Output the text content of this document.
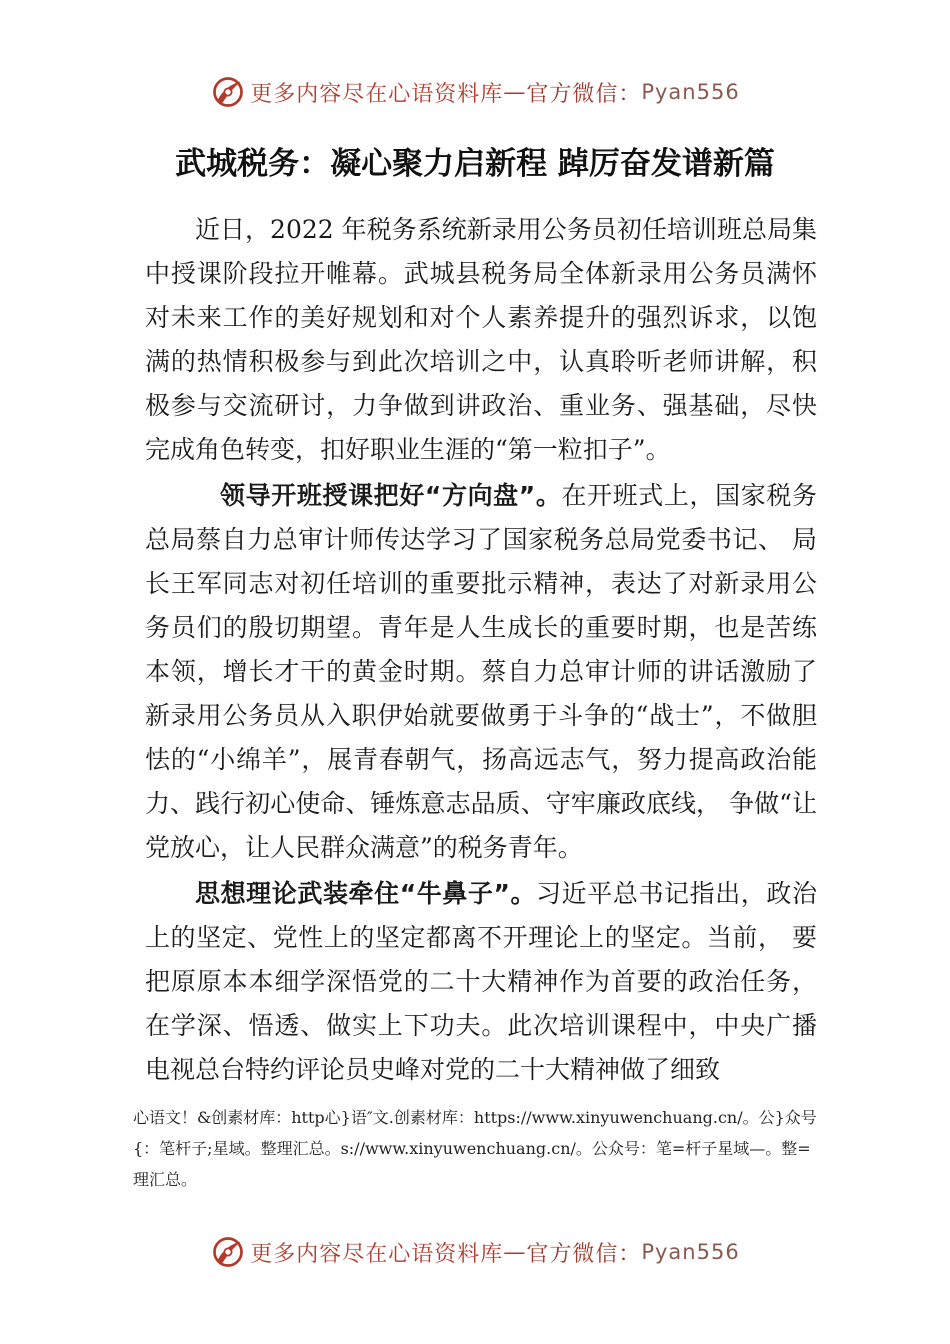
更多内容尽在心语资料库 — 官方微信： Pyan556
武城税务：凝心聚力启新程 踔厉奋发谱新篇

近日，2022 年税务系统新录用公务员初任培训班总局集中授课阶段拉开帷幕。武城县税务局全体新录用公务员满怀对未来工作的美好规划和对个人素养提升的强烈诉求，以饱满的热情积极参与到此次培训之中，认真聆听老师讲解，积极参与交流研讨，力争做到讲政治、重业务、强基础，尽快完成角色转变，扣好职业生涯的“第一粒扣子”。

领导开班授课把好“方向盘”。在开班式上，国家税务总局蔡自力总审计师传达学习了国家税务总局党委书记、 局长王军同志对初任培训的重要批示精神，表达了对新录用公务员们的殷切期望。青年是人生成长的重要时期，也是苦练本领，增长才干的黄金时期。蔡自力总审计师的讲话激励了新录用公务员从入职伊始就要做勇于斗争的“战士”，不做胆怯的“小绵羊”，展青春朝气，扬高远志气，努力提高政治能力、践行初心使命、锤炼意志品质、守牢廉政底线， 争做“让党放心，让人民群众满意”的税务青年。

思想理论武装牵住“牛鼻子”。习近平总书记指出，政治上的坚定、党性上的坚定都离不开理论上的坚定。当前， 要把原原本本细学深悟党的二十大精神作为首要的政治任务，在学深、悟透、做实上下功夫。此次培训课程中，中央广播电视总台特约评论员史峰对党的二十大精神做了细致

心语文！&创素材库：http心}语″文.创素材库：https://www.xinyuwenchuang.cn/。公}众号{：笔杆子;星域。整理汇总。s://www.xinyuwenchuang.cn/。公众号：笔=杆子星域—。整=理汇总。
更多内容尽在心语资料库 — 官方微信： Pyan556
